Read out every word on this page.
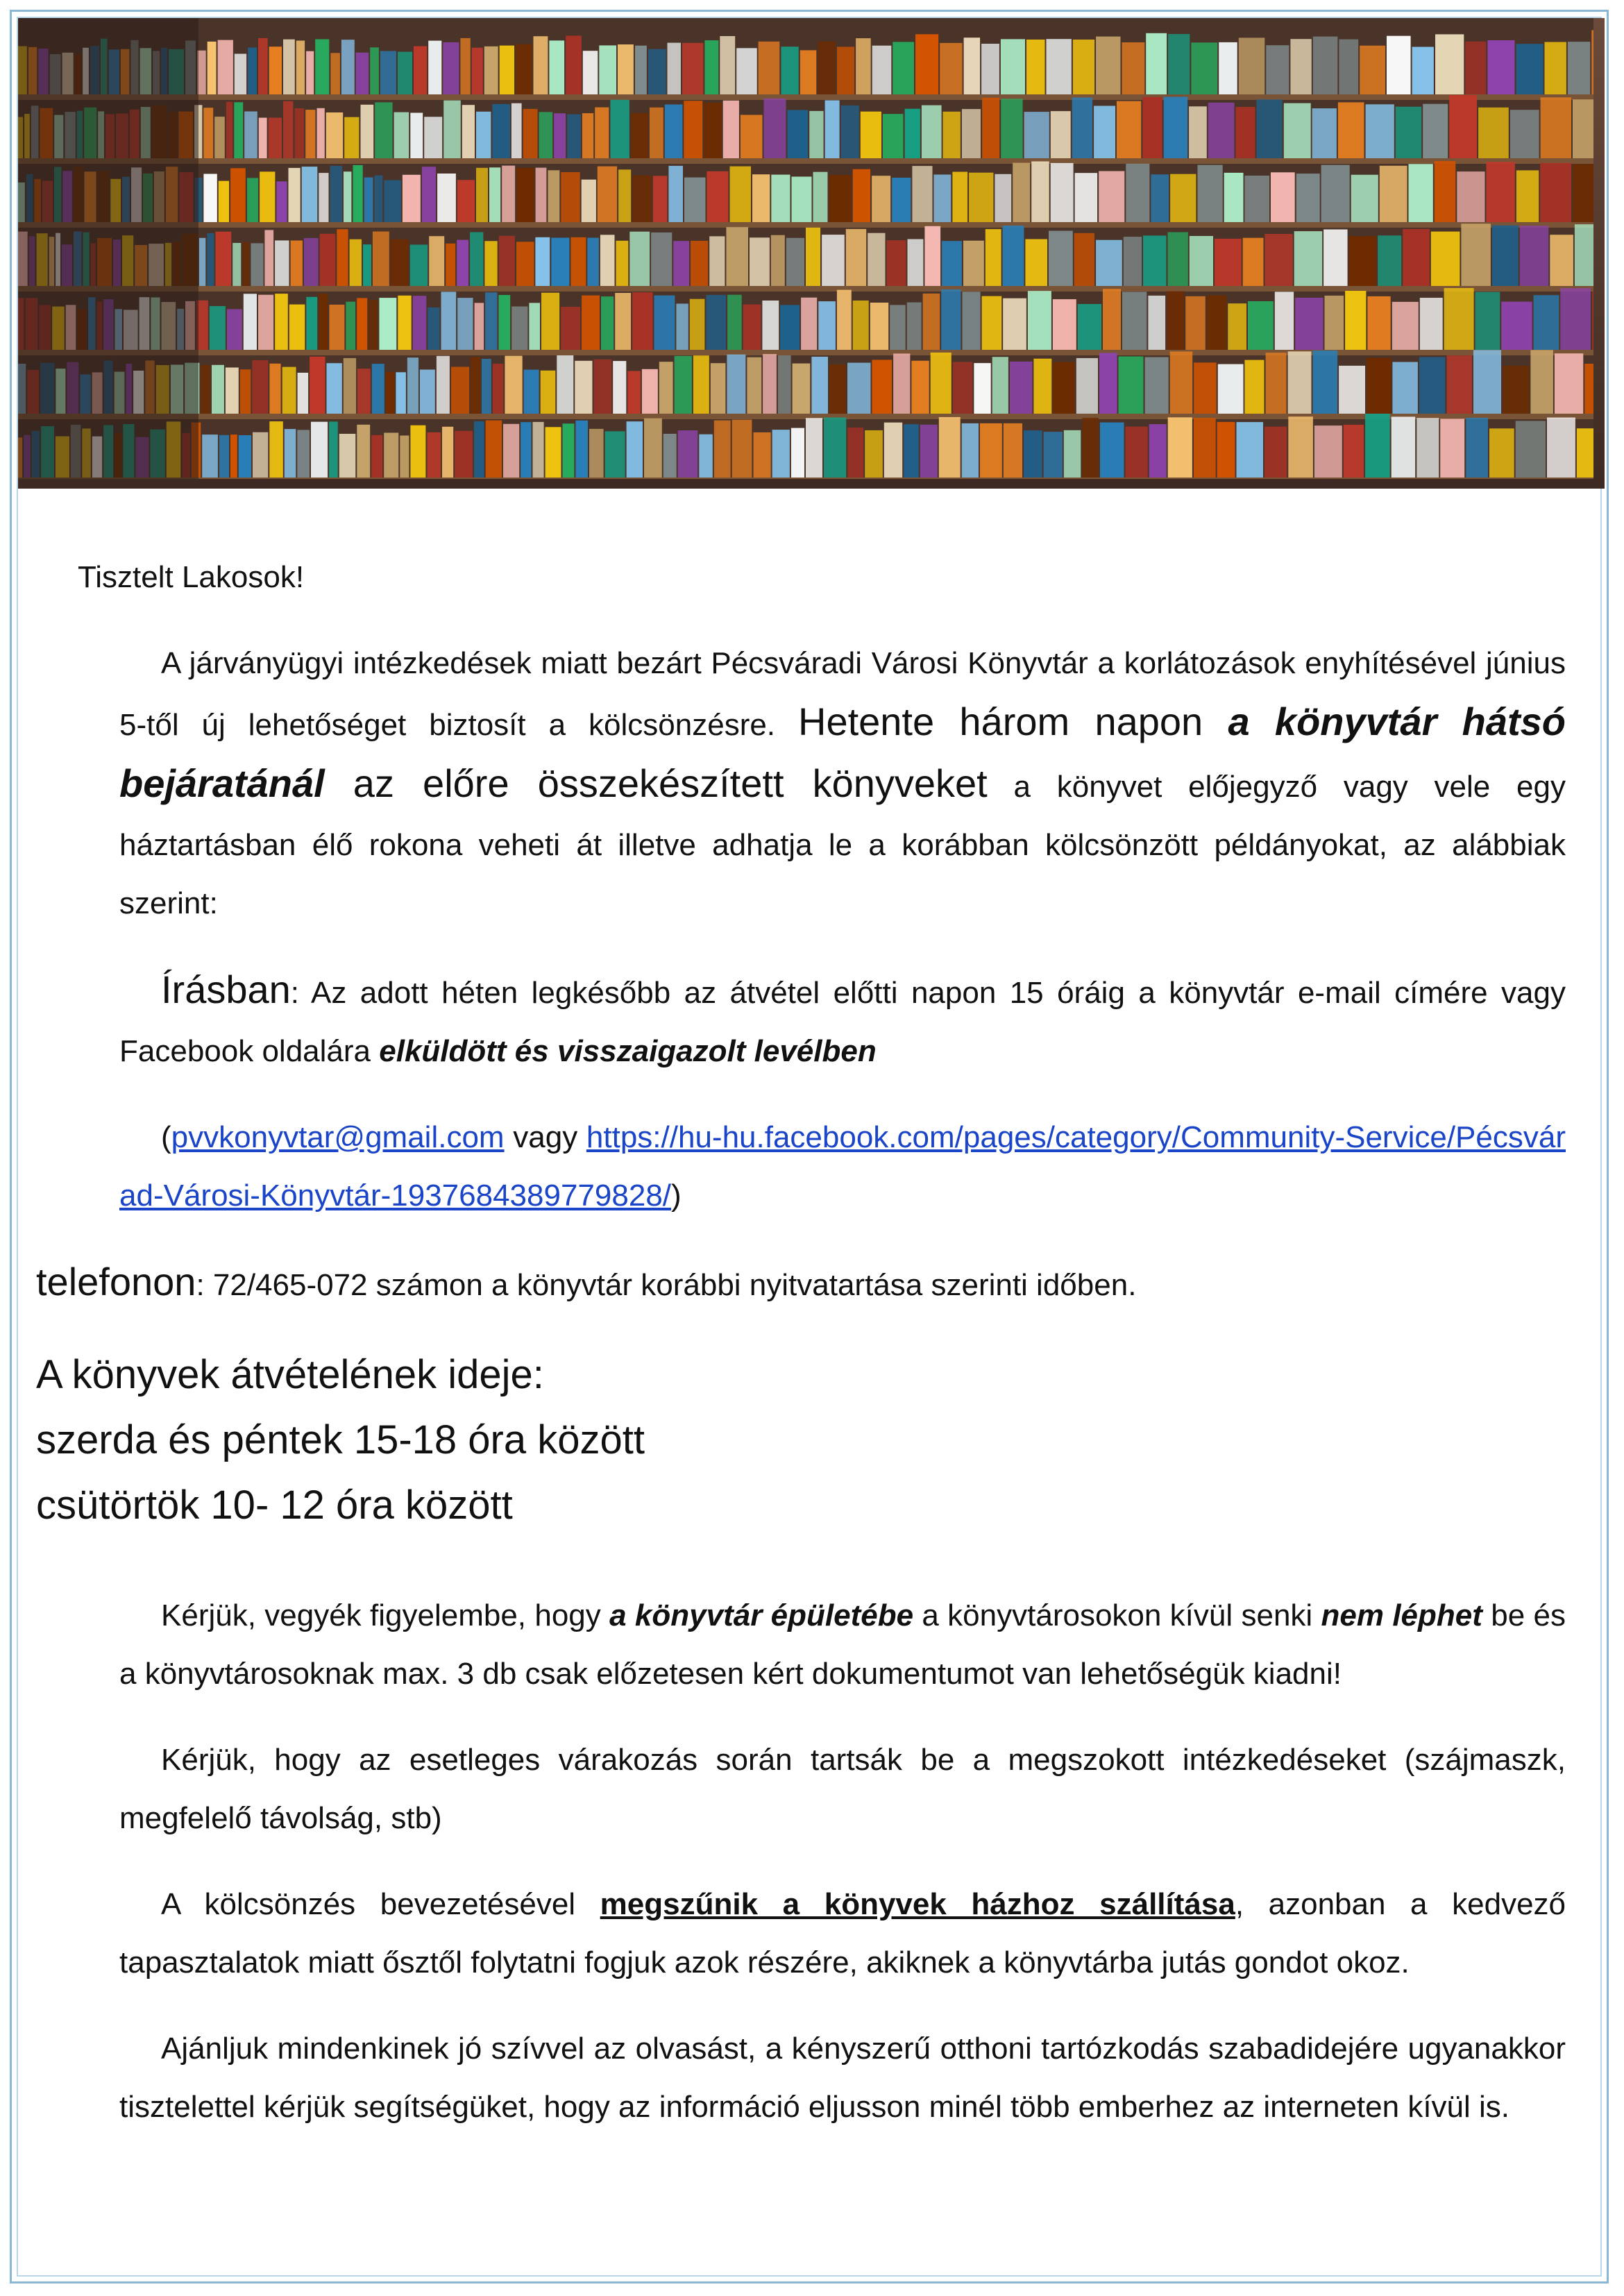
Tisztelt Lakosok!

A járványügyi intézkedések miatt bezárt Pécsváradi Városi Könyvtár a korlátozások enyhítésével június 5-től új lehetőséget biztosít a kölcsönzésre. Hetente három napon a könyvtár hátsó bejáratánál az előre összekészített könyveket a könyvet előjegyző vagy vele egy háztartásban élő rokona veheti át illetve adhatja le a korábban kölcsönzött példányokat, az alábbiak szerint:

Írásban: Az adott héten legkésőbb az átvétel előtti napon 15 óráig a könyvtár e-mail címére vagy Facebook oldalára elküldött és visszaigazolt levélben

(pvvkonyvtar@gmail.com vagy https://hu-hu.facebook.com/pages/category/Community-Service/Pécsvárad-Városi-Könyvtár-1937684389779828/)

telefonon: 72/465-072 számon a könyvtár korábbi nyitvatartása szerinti időben.

A könyvek átvételének ideje:

szerda és péntek 15-18 óra között

csütörtök 10- 12 óra között

Kérjük, vegyék figyelembe, hogy a könyvtár épületébe a könyvtárosokon kívül senki nem léphet be és a könyvtárosoknak max. 3 db csak előzetesen kért dokumentumot van lehetőségük kiadni!

Kérjük, hogy az esetleges várakozás során tartsák be a megszokott intézkedéseket (szájmaszk, megfelelő távolság, stb)

A kölcsönzés bevezetésével megszűnik a könyvek házhoz szállítása, azonban a kedvező tapasztalatok miatt ősztől folytatni fogjuk azok részére, akiknek a könyvtárba jutás gondot okoz.

Ajánljuk mindenkinek jó szívvel az olvasást, a kényszerű otthoni tartózkodás szabadidejére ugyanakkor tisztelettel kérjük segítségüket, hogy az információ eljusson minél több emberhez az interneten kívül is.
